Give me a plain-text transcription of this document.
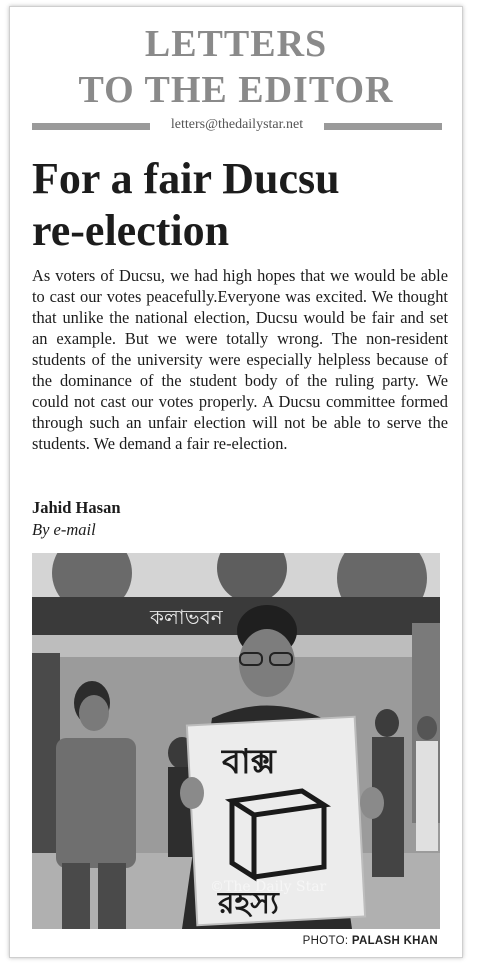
LETTERS
TO THE EDITOR
letters@thedailystar.net
For a fair Ducsu
re-election
As voters of Ducsu, we had high hopes that we would be able to cast our votes peacefully.Everyone was excited. We thought that unlike the national election, Ducsu would be fair and set an example. But we were totally wrong. The non-resident students of the university were especially helpless because of the dominance of the student body of the ruling party. We could not cast our votes properly. A Ducsu committee formed through such an unfair election will not be able to serve the students. We demand a fair re-election.
Jahid Hasan
By e-mail
কলাভবন
বাক্স
রহস্য
©The Daily Star
PHOTO: PALASH KHAN
